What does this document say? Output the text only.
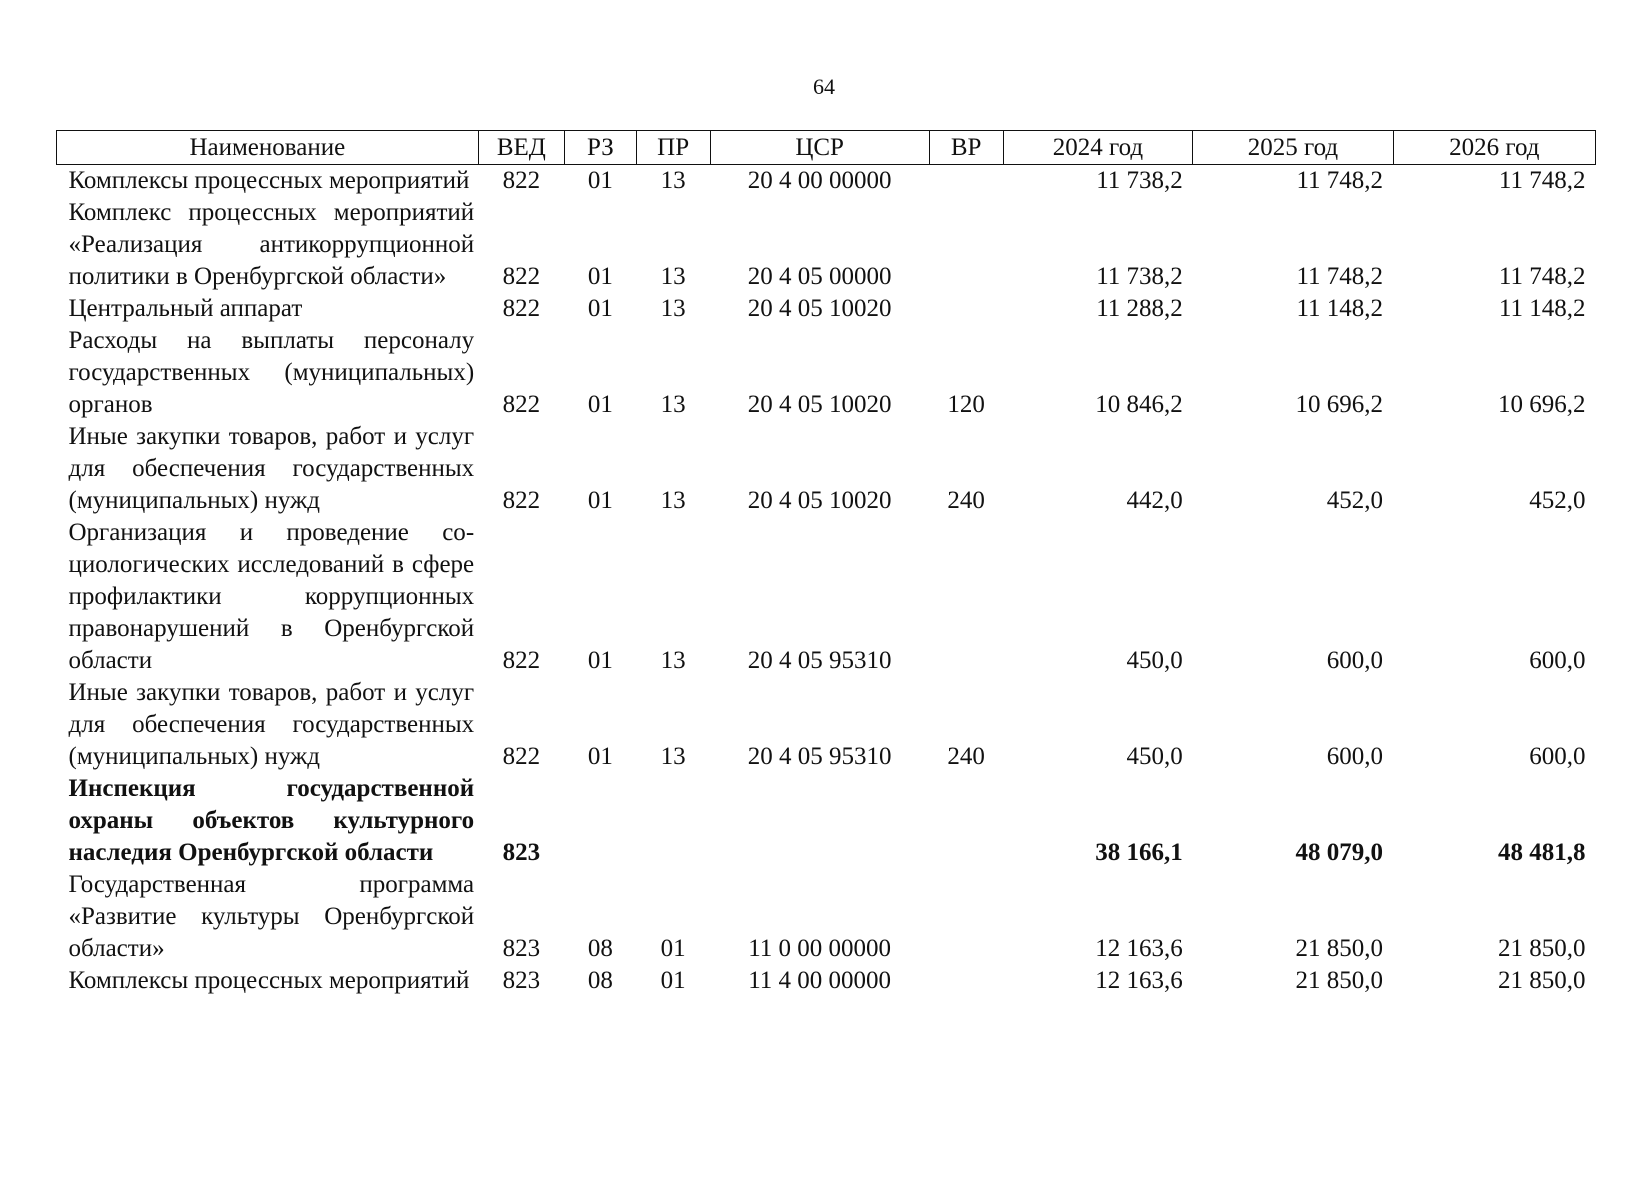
64
Наименование	ВЕД	РЗ	ПР	ЦСР	ВР	2024 год	2025 год	2026 год
Комплексы процессных мероприятий	822	01	13	20 4 00 00000		11 738,2	11 748,2	11 748,2
Комплекс процессных мероприятий «Реализация антикоррупционной политики в Оренбургской области»	822	01	13	20 4 05 00000		11 738,2	11 748,2	11 748,2
Центральный аппарат	822	01	13	20 4 05 10020		11 288,2	11 148,2	11 148,2
Расходы на выплаты персоналу государственных (муниципальных) органов	822	01	13	20 4 05 10020	120	10 846,2	10 696,2	10 696,2
Иные закупки товаров, работ и услуг для обеспечения государственных (муниципальных) нужд	822	01	13	20 4 05 10020	240	442,0	452,0	452,0
Организация и проведение социологических исследований в сфере профилактики коррупционных правонарушений в Оренбургской области	822	01	13	20 4 05 95310		450,0	600,0	600,0
Иные закупки товаров, работ и услуг для обеспечения государственных (муниципальных) нужд	822	01	13	20 4 05 95310	240	450,0	600,0	600,0
Инспекция государственной охраны объектов культурного наследия Оренбургской области	823					38 166,1	48 079,0	48 481,8
Государственная программа «Развитие культуры Оренбургской области»	823	08	01	11 0 00 00000		12 163,6	21 850,0	21 850,0
Комплексы процессных мероприятий	823	08	01	11 4 00 00000		12 163,6	21 850,0	21 850,0
